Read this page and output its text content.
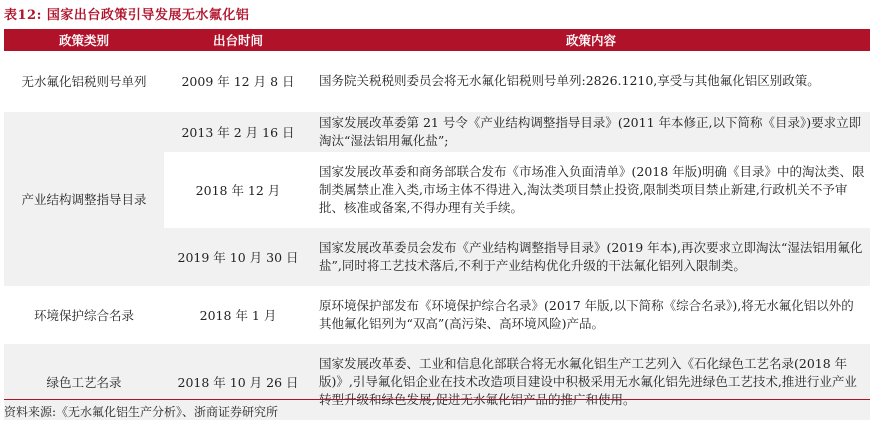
表12: 国家出台政策引导发展无水氟化铝
政策类别	出台时间	政策内容
无水氟化铝税则号单列	2009 年 12 月 8 日	国务院关税税则委员会将无水氟化铝税则号单列:2826.1210,享受与其他氟化铝区别政策。
产业结构调整指导目录	2013 年 2 月 16 日	国家发展改革委第 21 号令《产业结构调整指导目录》(2011 年本修正,以下简称《目录》)要求立即淘汰“湿法铝用氟化盐”;
	2018 年 12 月	国家发展改革委和商务部联合发布《市场准入负面清单》(2018 年版)明确《目录》中的淘汰类、限制类属禁止准入类,市场主体不得进入,淘汰类项目禁止投资,限制类项目禁止新建,行政机关不予审批、核准或备案,不得办理有关手续。
	2019 年 10 月 30 日	国家发展改革委员会发布《产业结构调整指导目录》(2019 年本),再次要求立即淘汰“湿法铝用氟化盐”,同时将工艺技术落后,不利于产业结构优化升级的干法氟化铝列入限制类。
环境保护综合名录	2018 年 1 月	原环境保护部发布《环境保护综合名录》(2017 年版,以下简称《综合名录》),将无水氟化铝以外的其他氟化铝列为“双高”(高污染、高环境风险)产品。
绿色工艺名录	2018 年 10 月 26 日	国家发展改革委、工业和信息化部联合将无水氟化铝生产工艺列入《石化绿色工艺名录(2018 年版)》,引导氟化铝企业在技术改造项目建设中积极采用无水氟化铝先进绿色工艺技术,推进行业产业转型升级和绿色发展,促进无水氟化铝产品的推广和使用。
资料来源:《无水氟化铝生产分析》、浙商证券研究所
